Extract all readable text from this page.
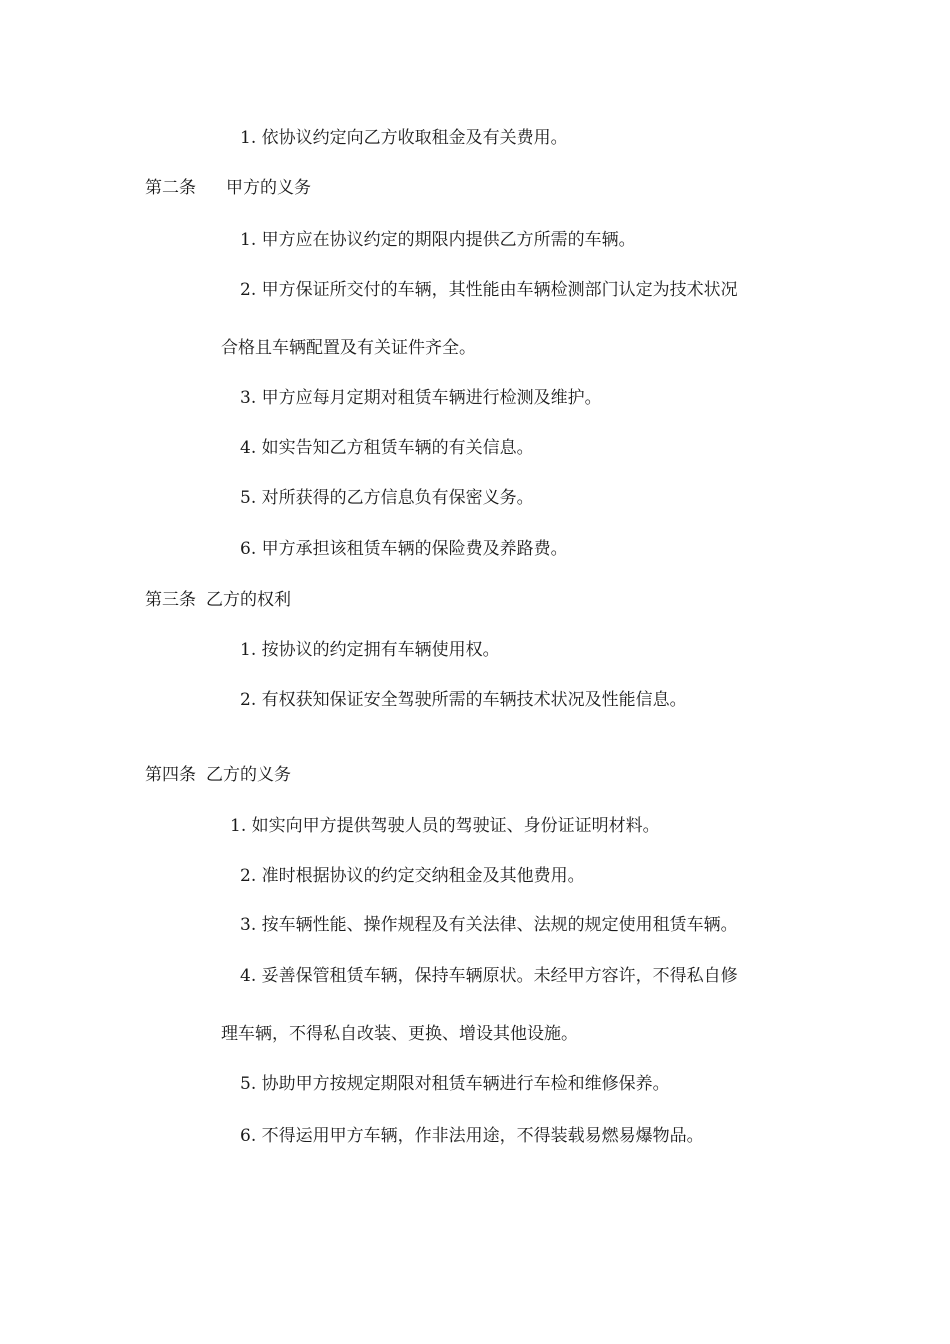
1. 依协议约定向乙方收取租金及有关费用。
第二条 甲方的义务
1. 甲方应在协议约定的期限内提供乙方所需的车辆。
2. 甲方保证所交付的车辆，其性能由车辆检测部门认定为技术状况
合格且车辆配置及有关证件齐全。
3. 甲方应每月定期对租赁车辆进行检测及维护。
4. 如实告知乙方租赁车辆的有关信息。
5. 对所获得的乙方信息负有保密义务。
6. 甲方承担该租赁车辆的保险费及养路费。
第三条 乙方的权利
1. 按协议的约定拥有车辆使用权。
2. 有权获知保证安全驾驶所需的车辆技术状况及性能信息。
第四条 乙方的义务
1. 如实向甲方提供驾驶人员的驾驶证、身份证证明材料。
2. 准时根据协议的约定交纳租金及其他费用。
3. 按车辆性能、操作规程及有关法律、法规的规定使用租赁车辆。
4. 妥善保管租赁车辆，保持车辆原状。未经甲方容许，不得私自修
理车辆，不得私自改装、更换、增设其他设施。
5. 协助甲方按规定期限对租赁车辆进行车检和维修保养。
6. 不得运用甲方车辆，作非法用途，不得装载易燃易爆物品。
